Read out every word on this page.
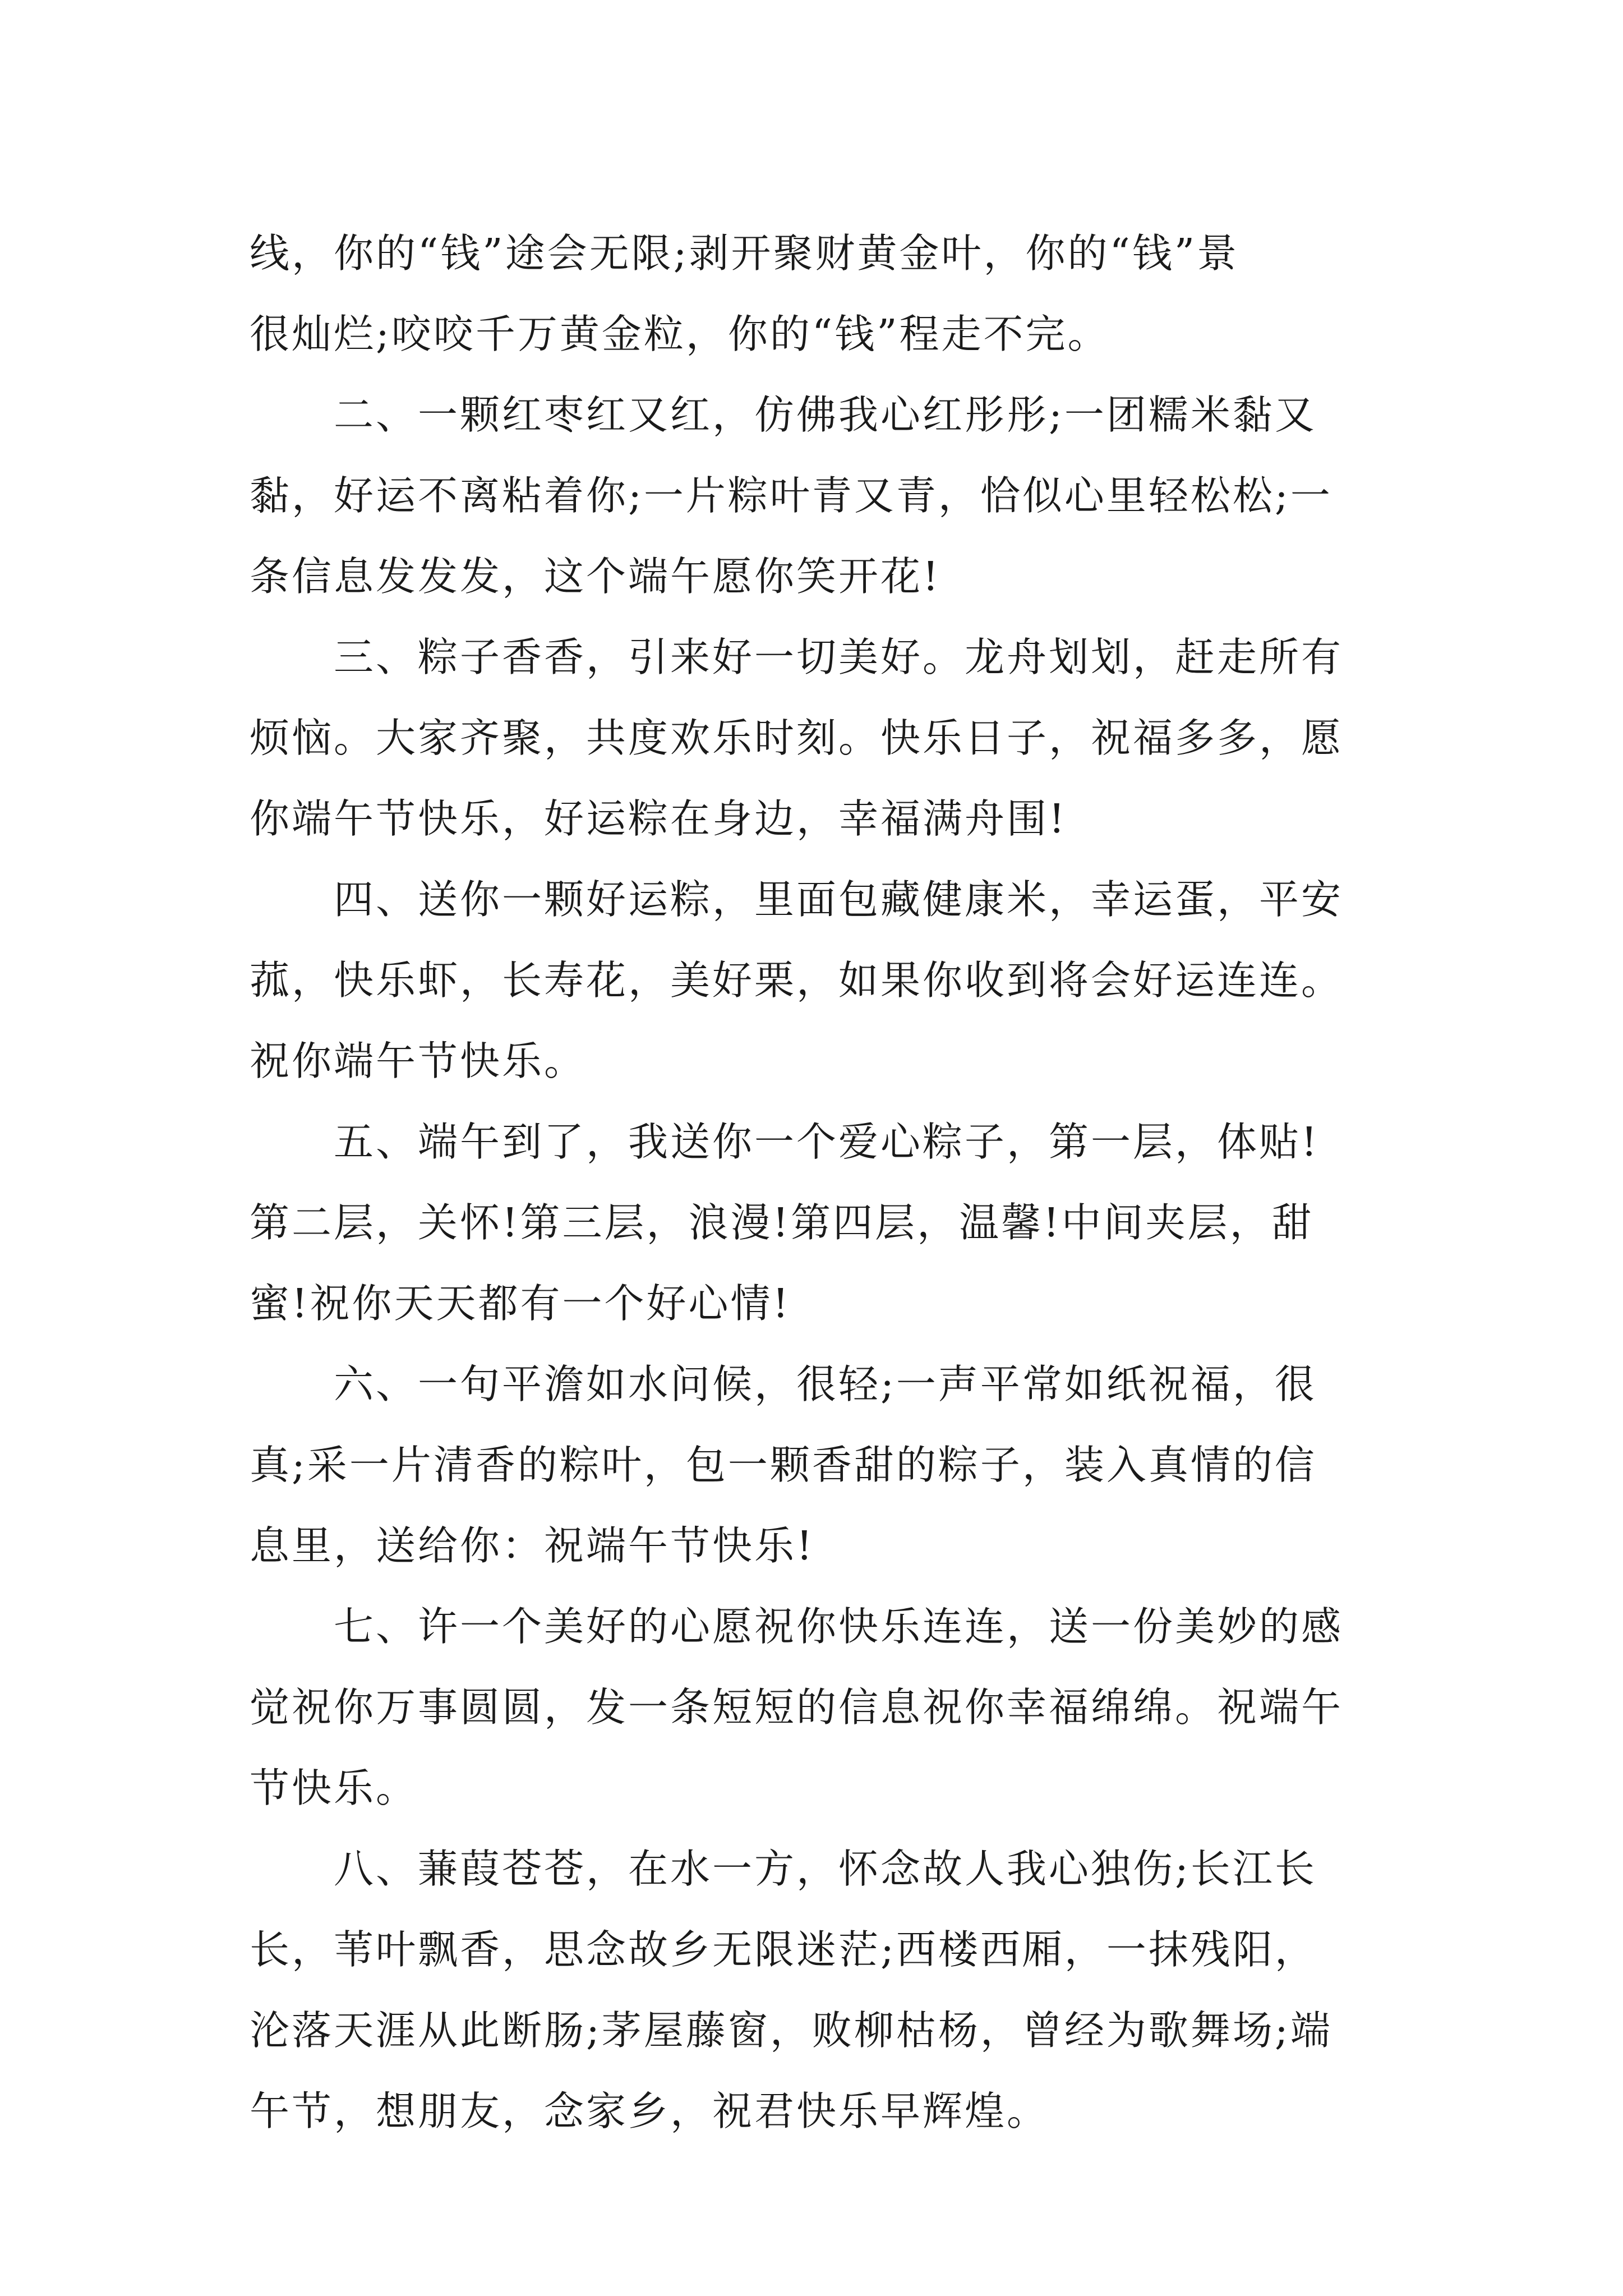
线，你的“钱”途会无限;剥开聚财黄金叶，你的“钱”景
很灿烂;咬咬千万黄金粒，你的“钱”程走不完。
　　二、一颗红枣红又红，仿佛我心红彤彤;一团糯米黏又
黏，好运不离粘着你;一片粽叶青又青，恰似心里轻松松;一
条信息发发发，这个端午愿你笑开花!
　　三、粽子香香，引来好一切美好。龙舟划划，赶走所有
烦恼。大家齐聚，共度欢乐时刻。快乐日子，祝福多多，愿
你端午节快乐，好运粽在身边，幸福满舟围!
　　四、送你一颗好运粽，里面包藏健康米，幸运蛋，平安
菰，快乐虾，长寿花，美好栗，如果你收到将会好运连连。
祝你端午节快乐。
　　五、端午到了，我送你一个爱心粽子，第一层，体贴!
第二层，关怀!第三层，浪漫!第四层，温馨!中间夹层，甜
蜜!祝你天天都有一个好心情!
　　六、一句平澹如水问候，很轻;一声平常如纸祝福，很
真;采一片清香的粽叶，包一颗香甜的粽子，装入真情的信
息里，送给你：祝端午节快乐!
　　七、许一个美好的心愿祝你快乐连连，送一份美妙的感
觉祝你万事圆圆，发一条短短的信息祝你幸福绵绵。祝端午
节快乐。
　　八、蒹葭苍苍，在水一方，怀念故人我心独伤;长江长
长，苇叶飘香，思念故乡无限迷茫;西楼西厢，一抹残阳，
沦落天涯从此断肠;茅屋藤窗，败柳枯杨，曾经为歌舞场;端
午节，想朋友，念家乡，祝君快乐早辉煌。
